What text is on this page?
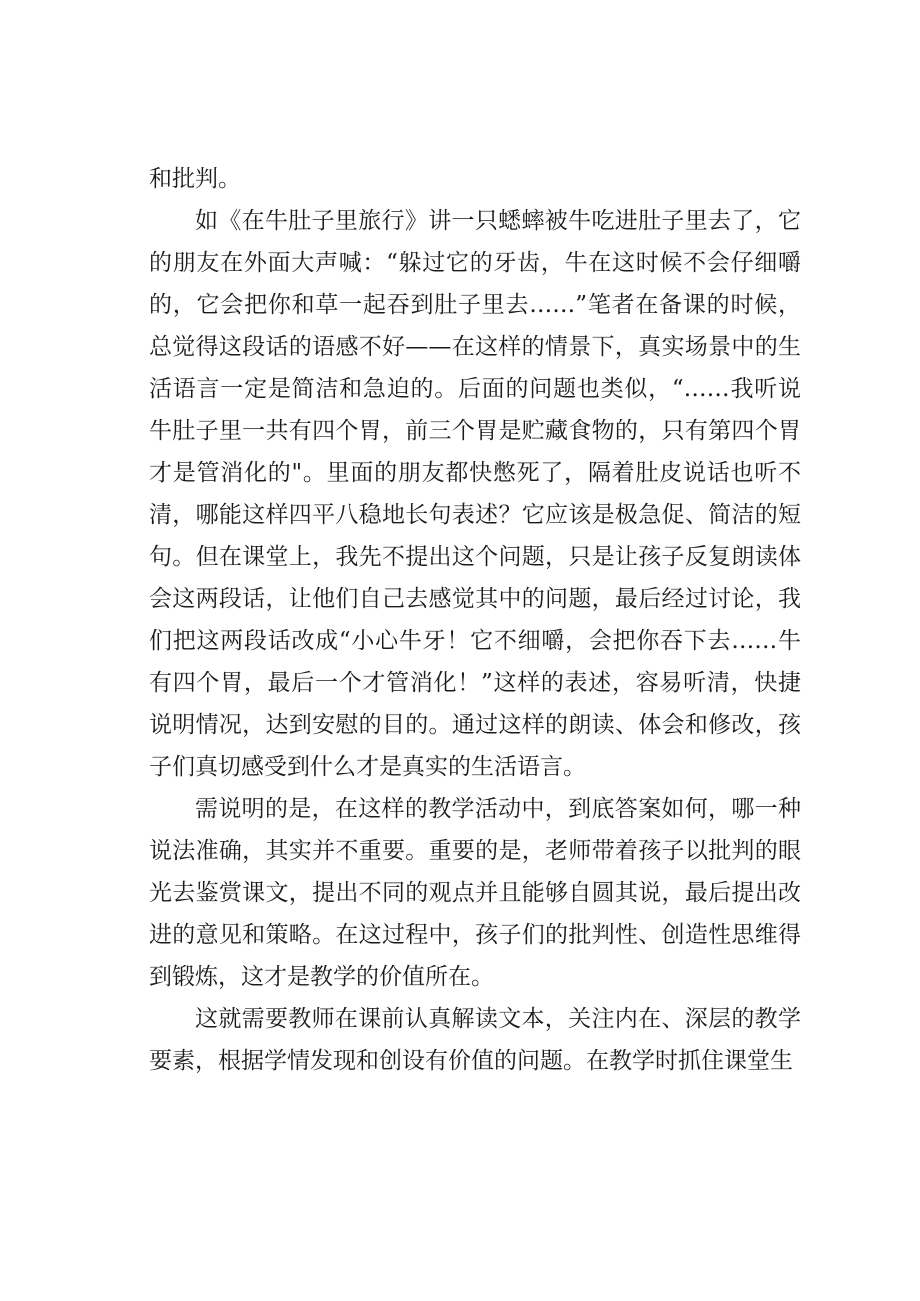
和批判。

如《在牛肚子里旅行》讲一只蟋蟀被牛吃进肚子里去了，它的朋友在外面大声喊：“躲过它的牙齿，牛在这时候不会仔细嚼的，它会把你和草一起吞到肚子里去……”笔者在备课的时候，总觉得这段话的语感不好——在这样的情景下，真实场景中的生活语言一定是简洁和急迫的。后面的问题也类似，“……我听说牛肚子里一共有四个胃，前三个胃是贮藏食物的，只有第四个胃才是管消化的"。里面的朋友都快憋死了，隔着肚皮说话也听不清，哪能这样四平八稳地长句表述？它应该是极急促、简洁的短句。但在课堂上，我先不提出这个问题，只是让孩子反复朗读体会这两段话，让他们自己去感觉其中的问题，最后经过讨论，我们把这两段话改成“小心牛牙！它不细嚼，会把你吞下去……牛有四个胃，最后一个才管消化！”这样的表述，容易听清，快捷说明情况，达到安慰的目的。通过这样的朗读、体会和修改，孩子们真切感受到什么才是真实的生活语言。

需说明的是，在这样的教学活动中，到底答案如何，哪一种说法准确，其实并不重要。重要的是，老师带着孩子以批判的眼光去鉴赏课文，提出不同的观点并且能够自圆其说，最后提出改进的意见和策略。在这过程中，孩子们的批判性、创造性思维得到锻炼，这才是教学的价值所在。

这就需要教师在课前认真解读文本，关注内在、深层的教学要素，根据学情发现和创设有价值的问题。在教学时抓住课堂生
